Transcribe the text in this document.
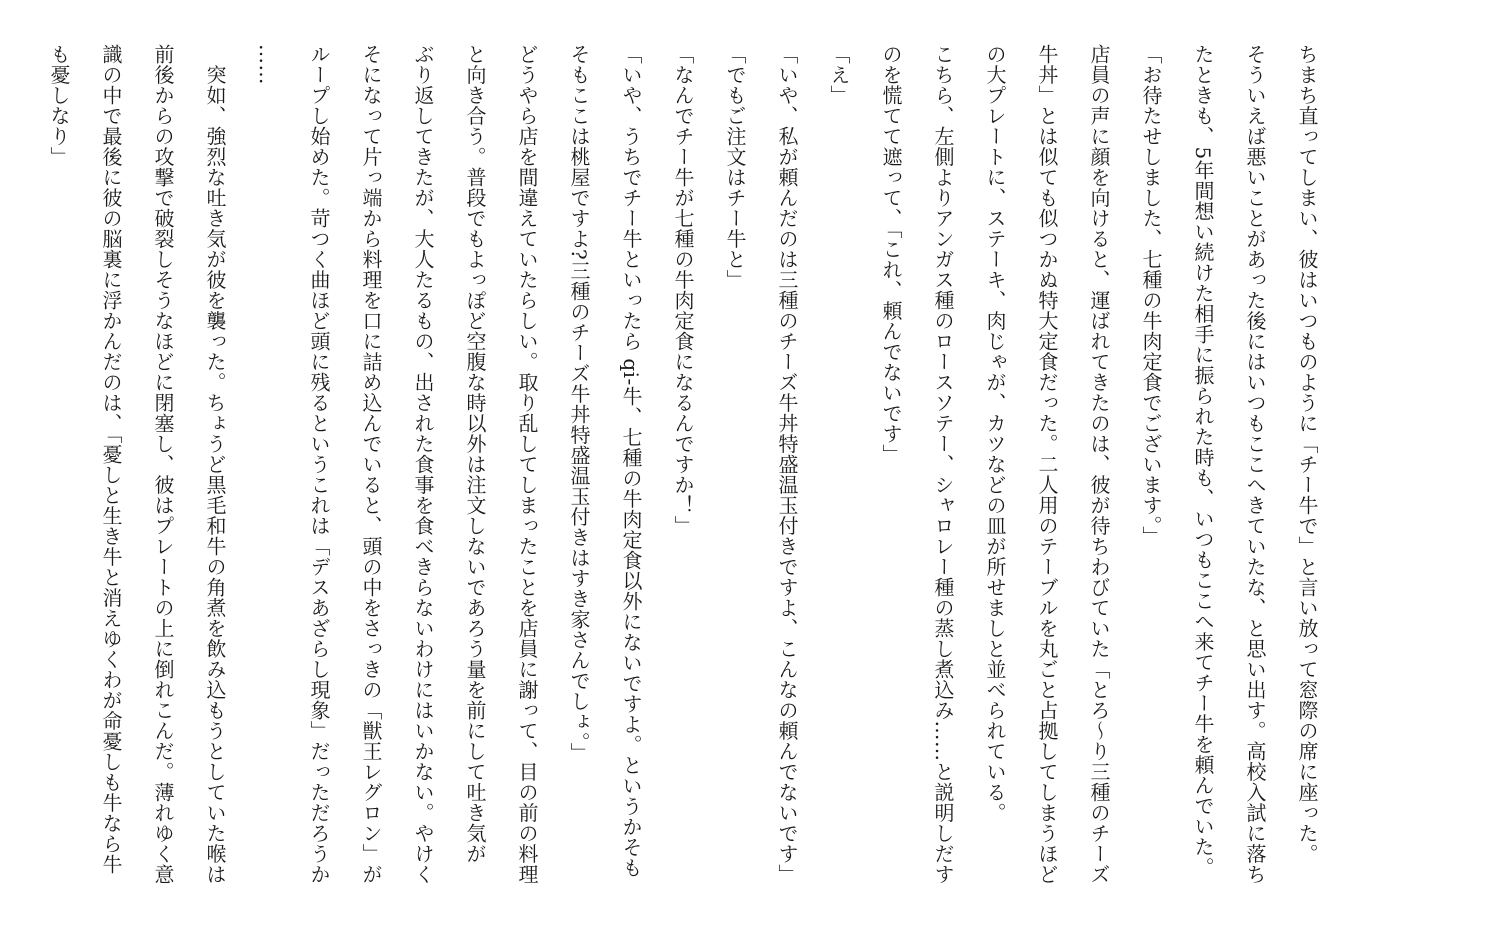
ちまち直ってしまい、彼はいつものように「チー牛で」と言い放って窓際の席に座った。

そういえば悪いことがあった後にはいつもここへきていたな、と思い出す。高校入試に落ち

たときも、5年間想い続けた相手に振られた時も、いつもここへ来てチー牛を頼んでいた。

「お待たせしました、七種の牛肉定食でございます。」

店員の声に顔を向けると、運ばれてきたのは、彼が待ちわびていた「とろ〜り三種のチーズ

牛丼」とは似ても似つかぬ特大定食だった。二人用のテーブルを丸ごと占拠してしまうほど

の大プレートに、ステーキ、肉じゃが、カツなどの皿が所せましと並べられている。

こちら、左側よりアンガス種のロースソテー、シャロレー種の蒸し煮込み……と説明しだす

のを慌てて遮って、「これ、頼んでないです」

「え」

「いや、私が頼んだのは三種のチーズ牛丼特盛温玉付きですよ、こんなの頼んでないです」

「でもご注文はチー牛と」

「なんでチー牛が七種の牛肉定食になるんですか！」

「いや、うちでチー牛といったら qi-牛、七種の牛肉定食以外にないですよ。というかそも

そもここは桃屋ですよ?三種のチーズ牛丼特盛温玉付きはすき家さんでしょ。」

どうやら店を間違えていたらしい。取り乱してしまったことを店員に謝って、目の前の料理

と向き合う。普段でもよっぽど空腹な時以外は注文しないであろう量を前にして吐き気が

ぶり返してきたが、大人たるもの、出された食事を食べきらないわけにはいかない。やけく

そになって片っ端から料理を口に詰め込んでいると、頭の中をさっきの「獣王レグロン」が

ループし始めた。苛つく曲ほど頭に残るというこれは「デスあざらし現象」だっただろうか

……

　突如、強烈な吐き気が彼を襲った。ちょうど黒毛和牛の角煮を飲み込もうとしていた喉は

前後からの攻撃で破裂しそうなほどに閉塞し、彼はプレートの上に倒れこんだ。薄れゆく意

識の中で最後に彼の脳裏に浮かんだのは、「憂しと生き牛と消えゆくわが命憂しも牛なら牛

も憂しなり」
